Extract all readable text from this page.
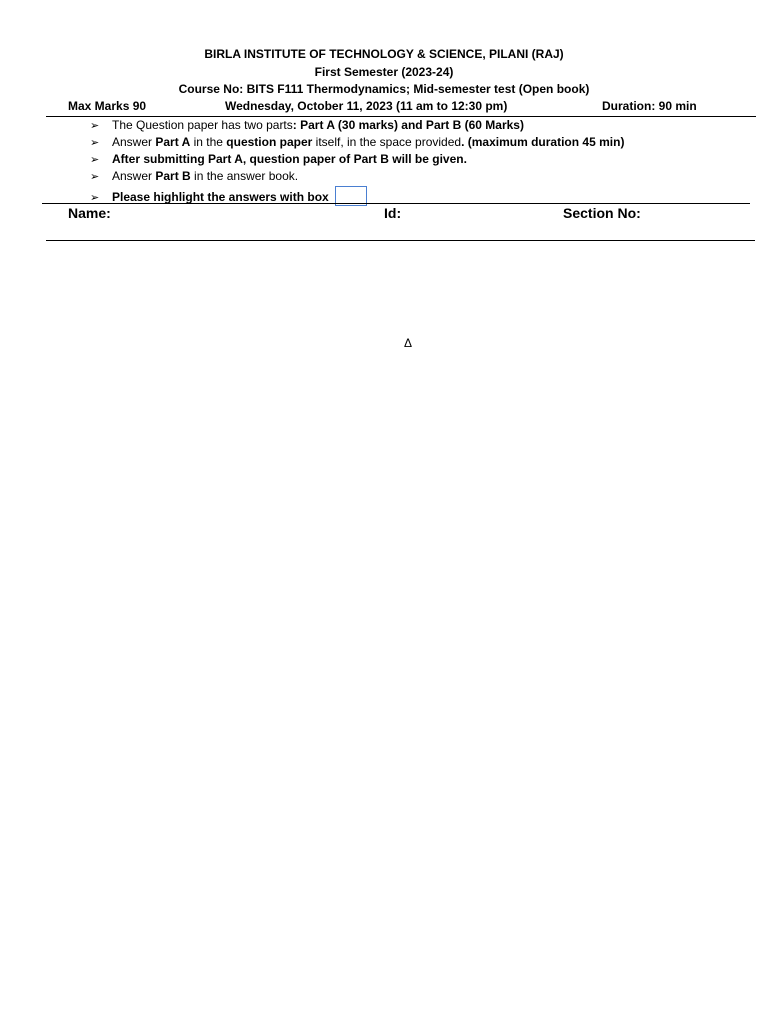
BIRLA INSTITUTE OF TECHNOLOGY & SCIENCE, PILANI (RAJ)
First Semester (2023-24)
Course No: BITS F111 Thermodynamics; Mid-semester test (Open book)
Max Marks 90	Wednesday, October 11, 2023 (11 am to 12:30 pm)	Duration: 90 min
➢ The Question paper has two parts: Part A (30 marks) and Part B (60 Marks)
➢ Answer Part A in the question paper itself, in the space provided. (maximum duration 45 min)
➢ After submitting Part A, question paper of Part B will be given.
➢ Answer Part B in the answer book.
➢ Please highlight the answers with box
Name:	Id:	Section No:
Δ
